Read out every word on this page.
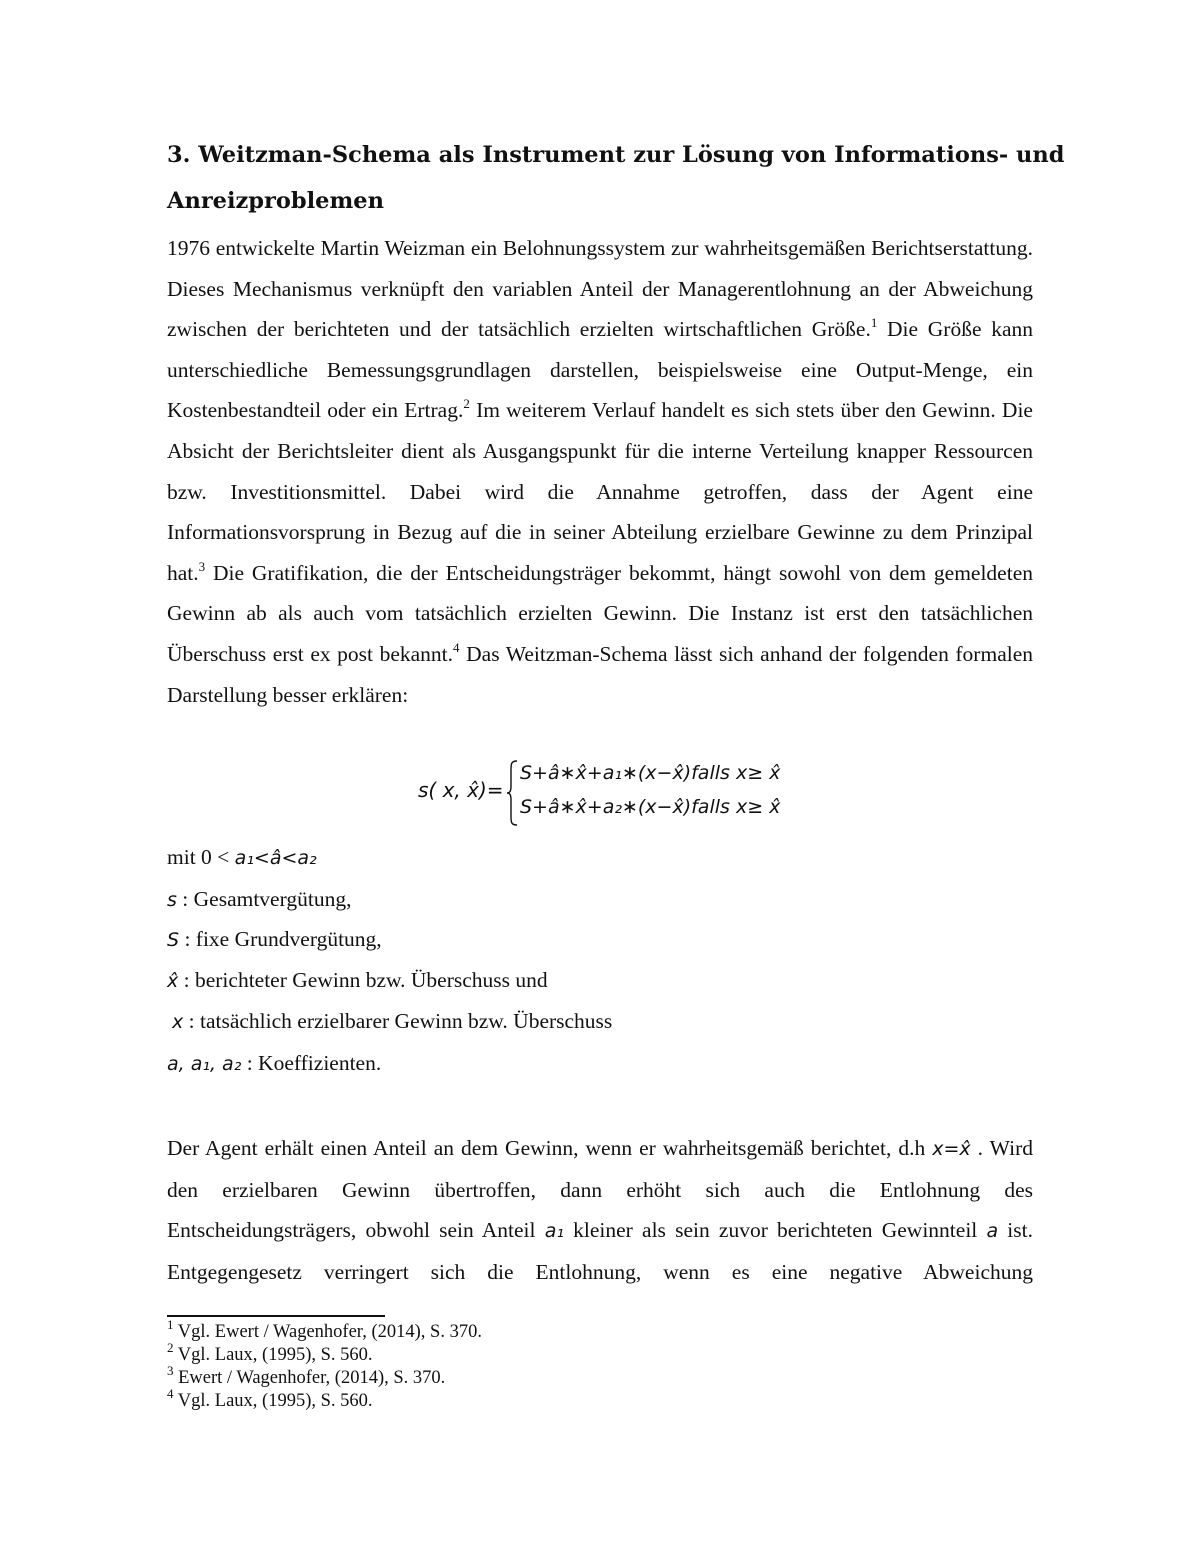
3. Weitzman-Schema als Instrument zur Lösung von Informations- und
Anreizproblemen

1976 entwickelte Martin Weizman ein Belohnungssystem zur wahrheitsgemäßen Berichtserstattung. Dieses Mechanismus verknüpft den variablen Anteil der Managerentlohnung an der Abweichung zwischen der berichteten und der tatsächlich erzielten wirtschaftlichen Größe.$^1$ Die Größe kann unterschiedliche Bemessungsgrundlagen darstellen, beispielsweise eine Output-Menge, ein Kostenbestandteil oder ein Ertrag.$^2$ Im weiterem Verlauf handelt es sich stets über den Gewinn. Die Absicht der Berichtsleiter dient als Ausgangspunkt für die interne Verteilung knapper Ressourcen bzw. Investitionsmittel. Dabei wird die Annahme getroffen, dass der Agent eine Informationsvorsprung in Bezug auf die in seiner Abteilung erzielbare Gewinne zu dem Prinzipal hat.$^3$ Die Gratifikation, die der Entscheidungsträger bekommt, hängt sowohl von dem gemeldeten Gewinn ab als auch vom tatsächlich erzielten Gewinn. Die Instanz ist erst den tatsächlichen Überschuss erst ex post bekannt.$^4$ Das Weitzman-Schema lässt sich anhand der folgenden formalen Darstellung besser erklären:

s( x, x̂)=
S+â∗x̂+a₁∗(x−x̂)falls x≥ x̂
S+â∗x̂+a₂∗(x−x̂)falls x≥ x̂
mit 0 < a₁<â<a₂
s : Gesamtvergütung,
S : fixe Grundvergütung,
x̂ : berichteter Gewinn bzw. Überschuss und
x : tatsächlich erzielbarer Gewinn bzw. Überschuss
a, a₁, a₂ : Koeffizienten.

Der Agent erhält einen Anteil an dem Gewinn, wenn er wahrheitsgemäß berichtet, d.h x=x̂ . Wird den erzielbaren Gewinn übertroffen, dann erhöht sich auch die Entlohnung des Entscheidungsträgers, obwohl sein Anteil a₁ kleiner als sein zuvor berichteten Gewinnteil a ist. Entgegengesetz verringert sich die Entlohnung, wenn es eine negative Abweichung

$^1$ Vgl. Ewert / Wagenhofer, (2014), S. 370.
$^2$ Vgl. Laux, (1995), S. 560.
$^3$ Ewert / Wagenhofer, (2014), S. 370.
$^4$ Vgl. Laux, (1995), S. 560.
